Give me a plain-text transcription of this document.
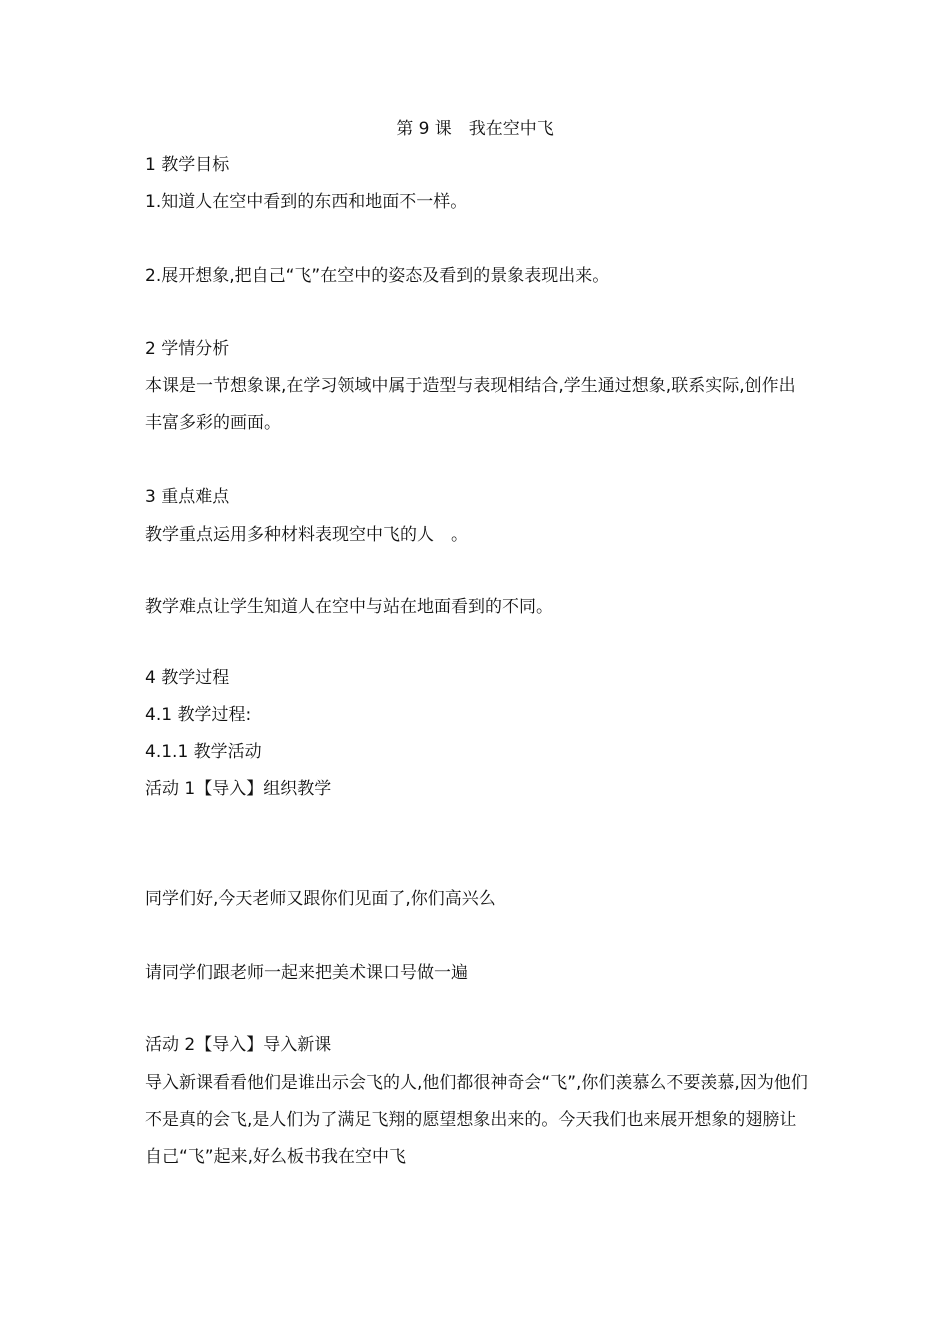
第 9 课　我在空中飞
1 教学目标
1.知道人在空中看到的东西和地面不一样。
2.展开想象,把自己“飞”在空中的姿态及看到的景象表现出来。
2 学情分析
本课是一节想象课,在学习领域中属于造型与表现相结合,学生通过想象,联系实际,创作出丰富多彩的画面。
3 重点难点
教学重点运用多种材料表现空中飞的人　。
教学难点让学生知道人在空中与站在地面看到的不同。
4 教学过程
4.1 教学过程:
4.1.1 教学活动
活动 1【导入】组织教学
同学们好,今天老师又跟你们见面了,你们高兴么
请同学们跟老师一起来把美术课口号做一遍
活动 2【导入】导入新课
导入新课看看他们是谁出示会飞的人,他们都很神奇会“飞”,你们羡慕么不要羡慕,因为他们不是真的会飞,是人们为了满足飞翔的愿望想象出来的。今天我们也来展开想象的翅膀让自己“飞”起来,好么板书我在空中飞
